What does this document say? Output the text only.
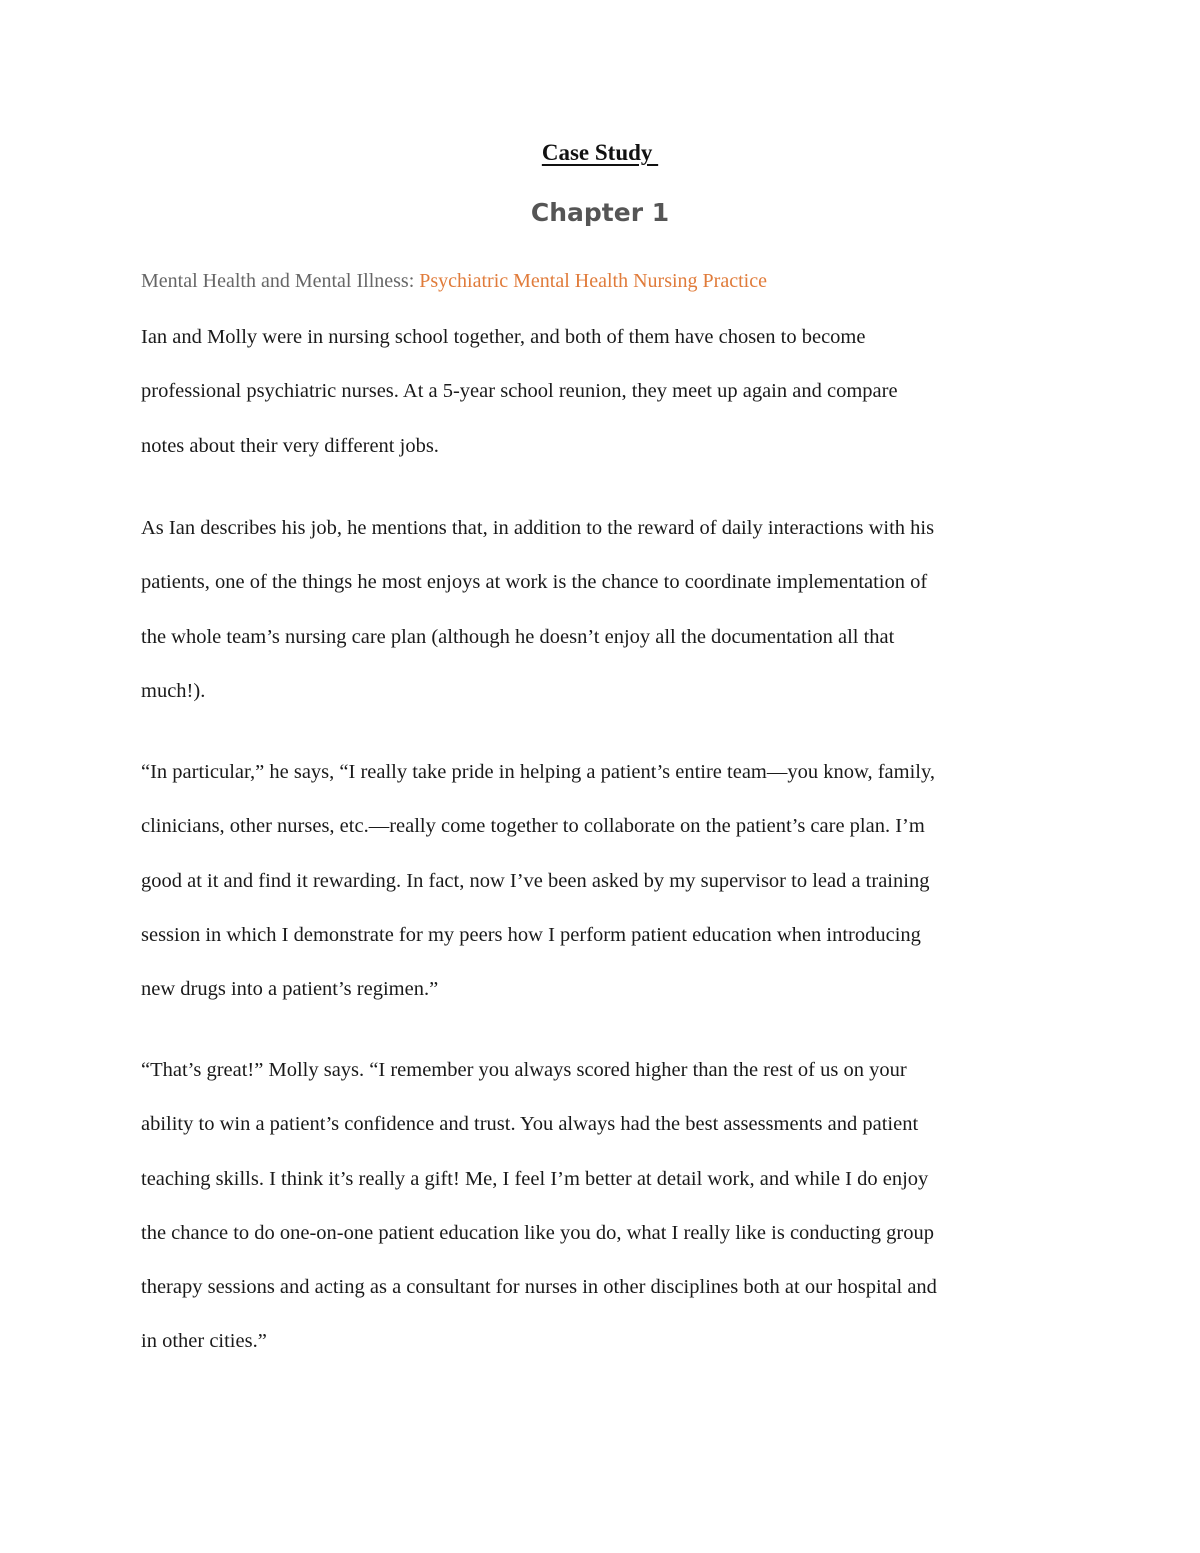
Case Study
Chapter 1
Mental Health and Mental Illness: Psychiatric Mental Health Nursing Practice
Ian and Molly were in nursing school together, and both of them have chosen to become
professional psychiatric nurses. At a 5-year school reunion, they meet up again and compare
notes about their very different jobs.
As Ian describes his job, he mentions that, in addition to the reward of daily interactions with his
patients, one of the things he most enjoys at work is the chance to coordinate implementation of
the whole team’s nursing care plan (although he doesn’t enjoy all the documentation all that
much!).
“In particular,” he says, “I really take pride in helping a patient’s entire team—you know, family,
clinicians, other nurses, etc.—really come together to collaborate on the patient’s care plan. I’m
good at it and find it rewarding. In fact, now I’ve been asked by my supervisor to lead a training
session in which I demonstrate for my peers how I perform patient education when introducing
new drugs into a patient’s regimen.”
“That’s great!” Molly says. “I remember you always scored higher than the rest of us on your
ability to win a patient’s confidence and trust. You always had the best assessments and patient
teaching skills. I think it’s really a gift! Me, I feel I’m better at detail work, and while I do enjoy
the chance to do one-on-one patient education like you do, what I really like is conducting group
therapy sessions and acting as a consultant for nurses in other disciplines both at our hospital and
in other cities.”
